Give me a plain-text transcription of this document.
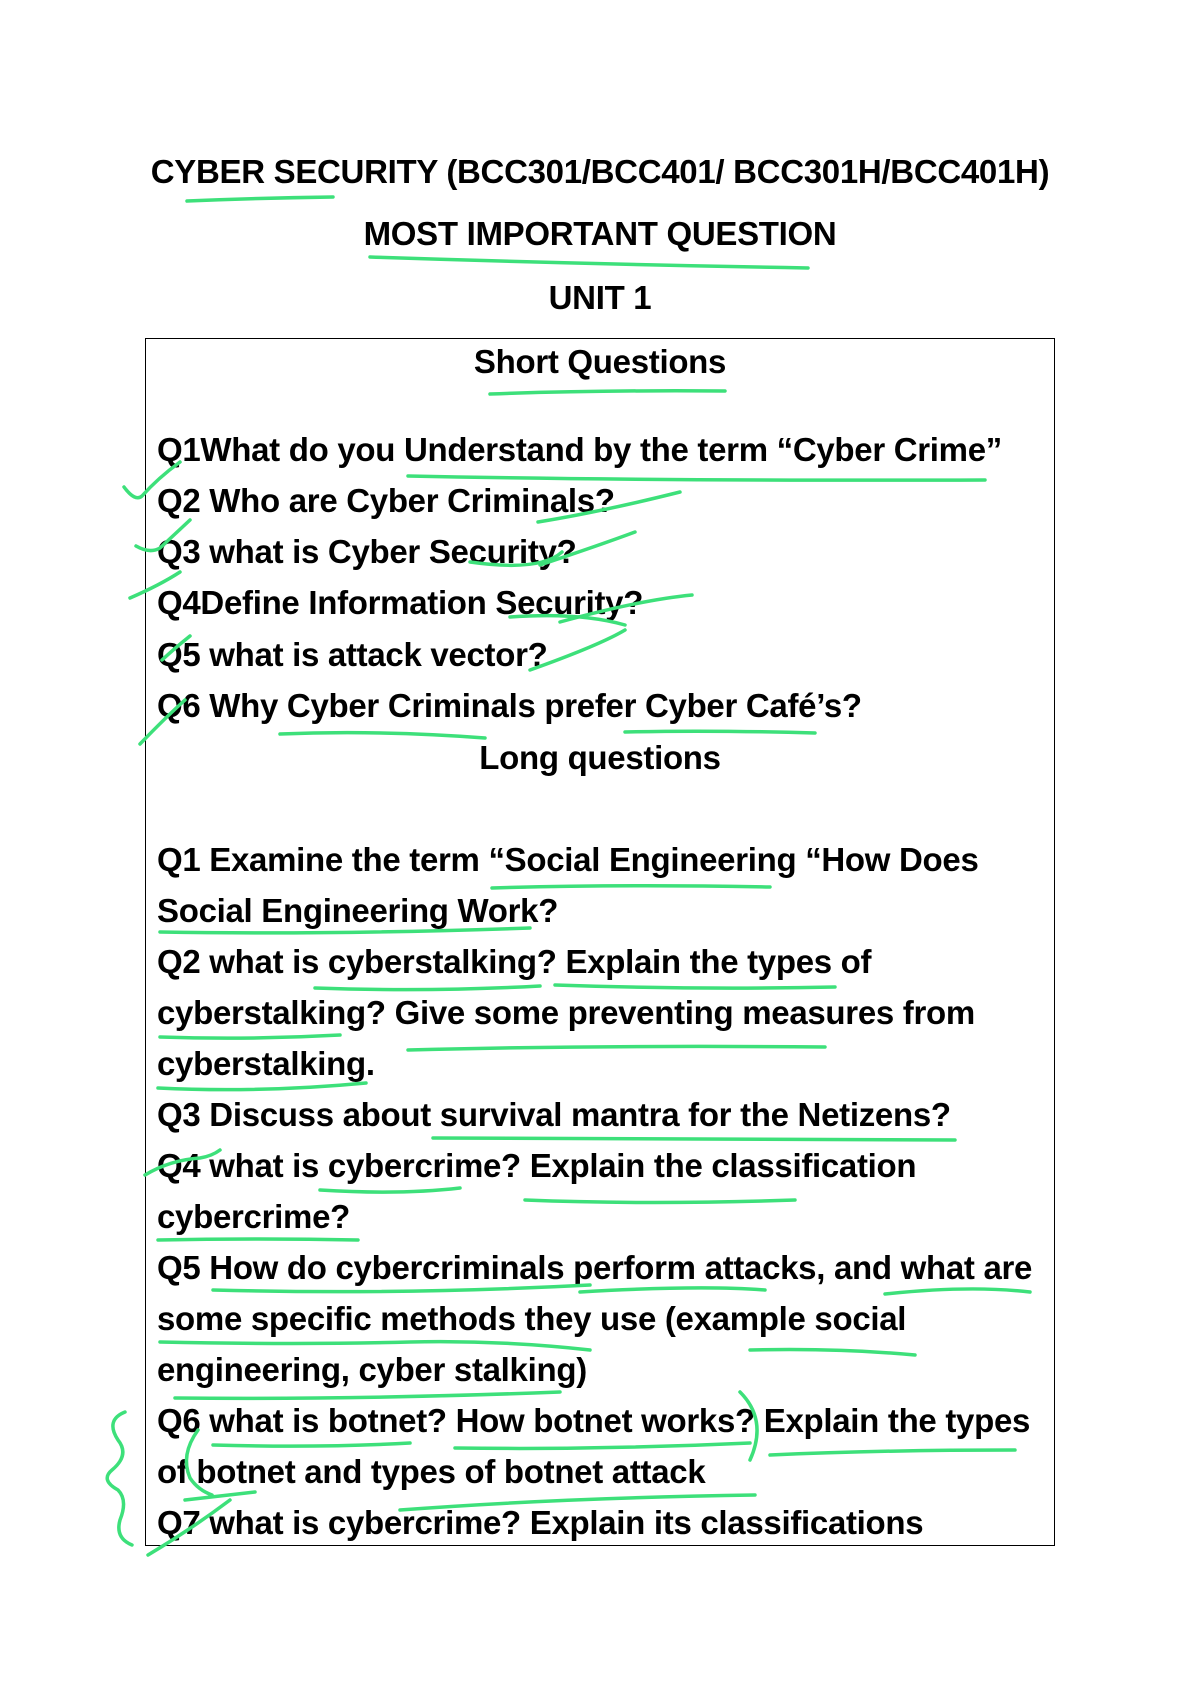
CYBER SECURITY (BCC301/BCC401/ BCC301H/BCC401H)
MOST IMPORTANT QUESTION
UNIT 1
Short Questions
Q1What do you Understand by the term “Cyber Crime”
Q2 Who are Cyber Criminals?
Q3 what is Cyber Security?
Q4Define Information Security?
Q5 what is attack vector?
Q6 Why Cyber Criminals prefer Cyber Café’s?
Long questions
Q1 Examine the term “Social Engineering “How Does
Social Engineering Work?
Q2 what is cyberstalking? Explain the types of
cyberstalking? Give some preventing measures from
cyberstalking.
Q3 Discuss about survival mantra for the Netizens?
Q4 what is cybercrime? Explain the classification
cybercrime?
Q5 How do cybercriminals perform attacks, and what are
some specific methods they use (example social
engineering, cyber stalking)
Q6 what is botnet? How botnet works? Explain the types
of botnet and types of botnet attack
Q7 what is cybercrime? Explain its classifications
